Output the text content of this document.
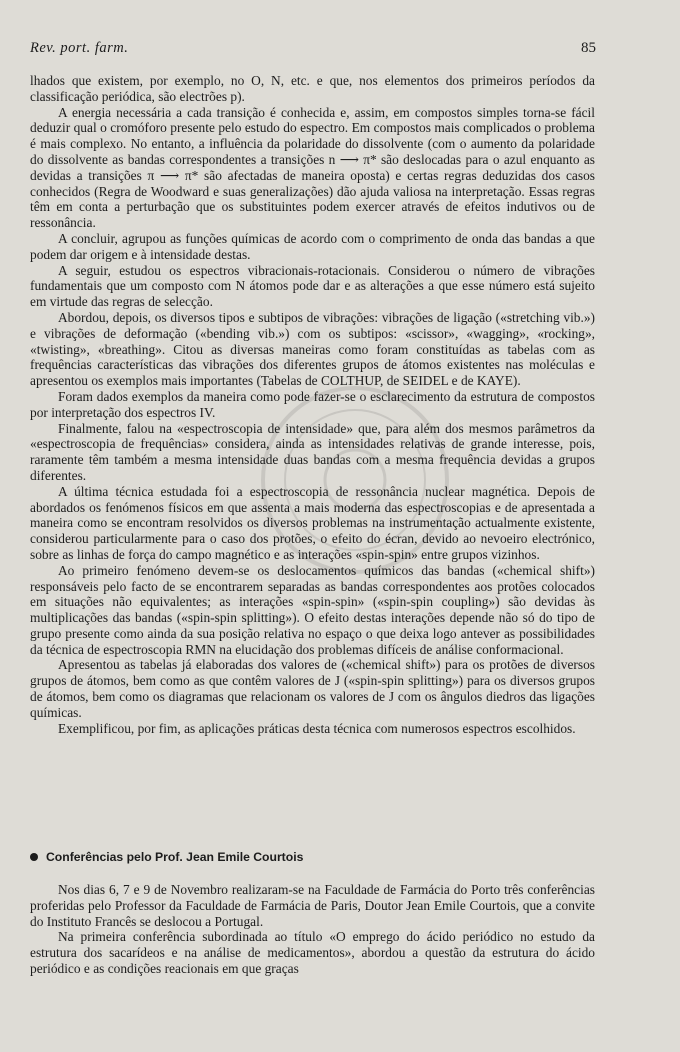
Rev. port. farm.	85

lhados que existem, por exemplo, no O, N, etc. e que, nos elementos dos primeiros períodos da classificação periódica, são electrões p).

A energia necessária a cada transição é conhecida e, assim, em compostos simples torna-se fácil deduzir qual o cromóforo presente pelo estudo do espectro. Em compostos mais complicados o problema é mais complexo. No entanto, a influência da polaridade do dissolvente (com o aumento da polaridade do dissolvente as bandas correspondentes a transições n ⟶ π* são deslocadas para o azul enquanto as devidas a transições π ⟶ π* são afectadas de maneira oposta) e certas regras deduzidas dos casos conhecidos (Regra de Woodward e suas generalizações) dão ajuda valiosa na interpretação. Essas regras têm em conta a perturbação que os substituintes podem exercer através de efeitos indutivos ou de ressonância.

A concluir, agrupou as funções químicas de acordo com o comprimento de onda das bandas a que podem dar origem e à intensidade destas.

A seguir, estudou os espectros vibracionais-rotacionais. Considerou o número de vibrações fundamentais que um composto com N átomos pode dar e as alterações a que esse número está sujeito em virtude das regras de selecção.

Abordou, depois, os diversos tipos e subtipos de vibrações: vibrações de ligação («stretching vib.») e vibrações de deformação («bending vib.») com os subtipos: «scissor», «wagging», «rocking», «twisting», «breathing». Citou as diversas maneiras como foram constituídas as tabelas com as frequências características das vibrações dos diferentes grupos de átomos existentes nas moléculas e apresentou os exemplos mais importantes (Tabelas de COLTHUP, de SEIDEL e de KAYE).

Foram dados exemplos da maneira como pode fazer-se o esclarecimento da estrutura de compostos por interpretação dos espectros IV.

Finalmente, falou na «espectroscopia de intensidade» que, para além dos mesmos parâmetros da «espectroscopia de frequências» considera, ainda as intensidades relativas de grande interesse, pois, raramente têm também a mesma intensidade duas bandas com a mesma frequência devidas a grupos diferentes.

A última técnica estudada foi a espectroscopia de ressonância nuclear magnética. Depois de abordados os fenómenos físicos em que assenta a mais moderna das espectroscopias e de apresentada a maneira como se encontram resolvidos os diversos problemas na instrumentação actualmente existente, considerou particularmente para o caso dos protões, o efeito do écran, devido ao nevoeiro electrónico, sobre as linhas de força do campo magnético e as interações «spin-spin» entre grupos vizinhos.

Ao primeiro fenómeno devem-se os deslocamentos químicos das bandas («chemical shift») responsáveis pelo facto de se encontrarem separadas as bandas correspondentes aos protões colocados em situações não equivalentes; as interações «spin-spin» («spin-spin coupling») são devidas às multiplicações das bandas («spin-spin splitting»). O efeito destas interações depende não só do tipo de grupo presente como ainda da sua posição relativa no espaço o que deixa logo antever as possibilidades da técnica de espectroscopia RMN na elucidação dos problemas difíceis de análise conformacional.

Apresentou as tabelas já elaboradas dos valores de («chemical shift») para os protões de diversos grupos de átomos, bem como as que contêm valores de J («spin-spin splitting») para os diversos grupos de átomos, bem como os diagramas que relacionam os valores de J com os ângulos diedros das ligações químicas.

Exemplificou, por fim, as aplicações práticas desta técnica com numerosos espectros escolhidos.

Conferências pelo Prof. Jean Emile Courtois

Nos dias 6, 7 e 9 de Novembro realizaram-se na Faculdade de Farmácia do Porto três conferências proferidas pelo Professor da Faculdade de Farmácia de Paris, Doutor Jean Emile Courtois, que a convite do Instituto Francês se deslocou a Portugal.

Na primeira conferência subordinada ao título «O emprego do ácido periódico no estudo da estrutura dos sacarídeos e na análise de medicamentos», abordou a questão da estrutura do ácido periódico e as condições reacionais em que graças
